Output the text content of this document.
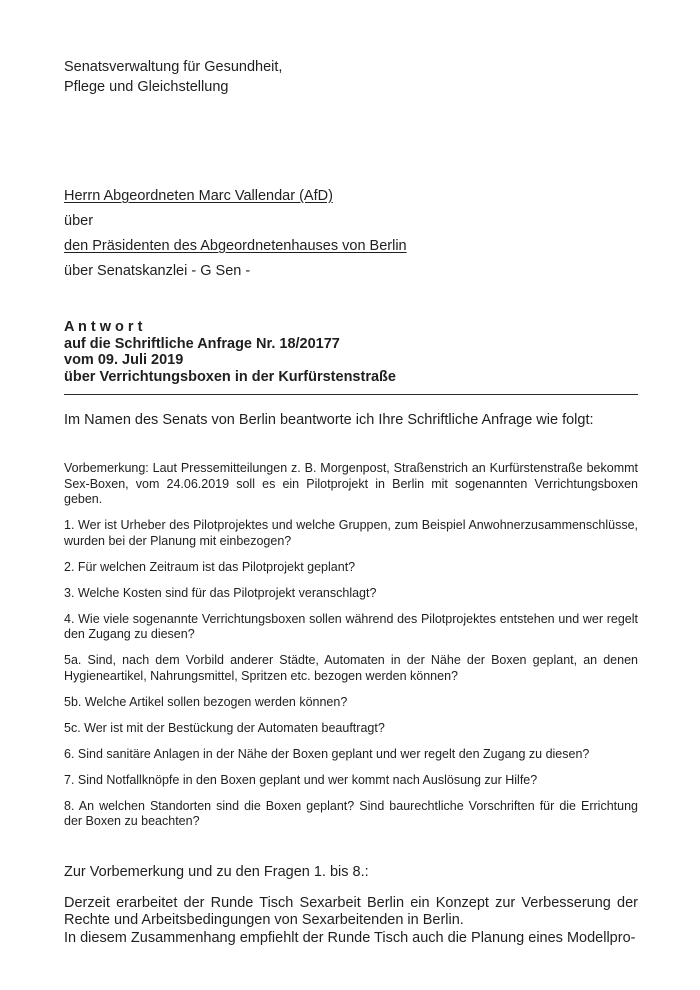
Senatsverwaltung für Gesundheit,
Pflege und Gleichstellung

Herrn Abgeordneten Marc Vallendar (AfD)

über

den Präsidenten des Abgeordnetenhauses von Berlin

über Senatskanzlei - G Sen -

A n t w o r t
auf die Schriftliche Anfrage Nr. 18/20177
vom 09. Juli 2019
über Verrichtungsboxen in der Kurfürstenstraße

Im Namen des Senats von Berlin beantworte ich Ihre Schriftliche Anfrage wie folgt:

Vorbemerkung: Laut Pressemitteilungen z. B. Morgenpost, Straßenstrich an Kurfürstenstraße bekommt Sex-Boxen, vom 24.06.2019 soll es ein Pilotprojekt in Berlin mit sogenannten Verrichtungsboxen geben.

1. Wer ist Urheber des Pilotprojektes und welche Gruppen, zum Beispiel Anwohnerzusammenschlüsse, wurden bei der Planung mit einbezogen?

2. Für welchen Zeitraum ist das Pilotprojekt geplant?

3. Welche Kosten sind für das Pilotprojekt veranschlagt?

4. Wie viele sogenannte Verrichtungsboxen sollen während des Pilotprojektes entstehen und wer regelt den Zugang zu diesen?

5a. Sind, nach dem Vorbild anderer Städte, Automaten in der Nähe der Boxen geplant, an denen Hygieneartikel, Nahrungsmittel, Spritzen etc. bezogen werden können?

5b. Welche Artikel sollen bezogen werden können?

5c. Wer ist mit der Bestückung der Automaten beauftragt?

6. Sind sanitäre Anlagen in der Nähe der Boxen geplant und wer regelt den Zugang zu diesen?

7. Sind Notfallknöpfe in den Boxen geplant und wer kommt nach Auslösung zur Hilfe?

8. An welchen Standorten sind die Boxen geplant? Sind baurechtliche Vorschriften für die Errichtung der Boxen zu beachten?

Zur Vorbemerkung und zu den Fragen 1. bis 8.:

Derzeit erarbeitet der Runde Tisch Sexarbeit Berlin ein Konzept zur Verbesserung der Rechte und Arbeitsbedingungen von Sexarbeitenden in Berlin.

In diesem Zusammenhang empfiehlt der Runde Tisch auch die Planung eines Modellpro-
